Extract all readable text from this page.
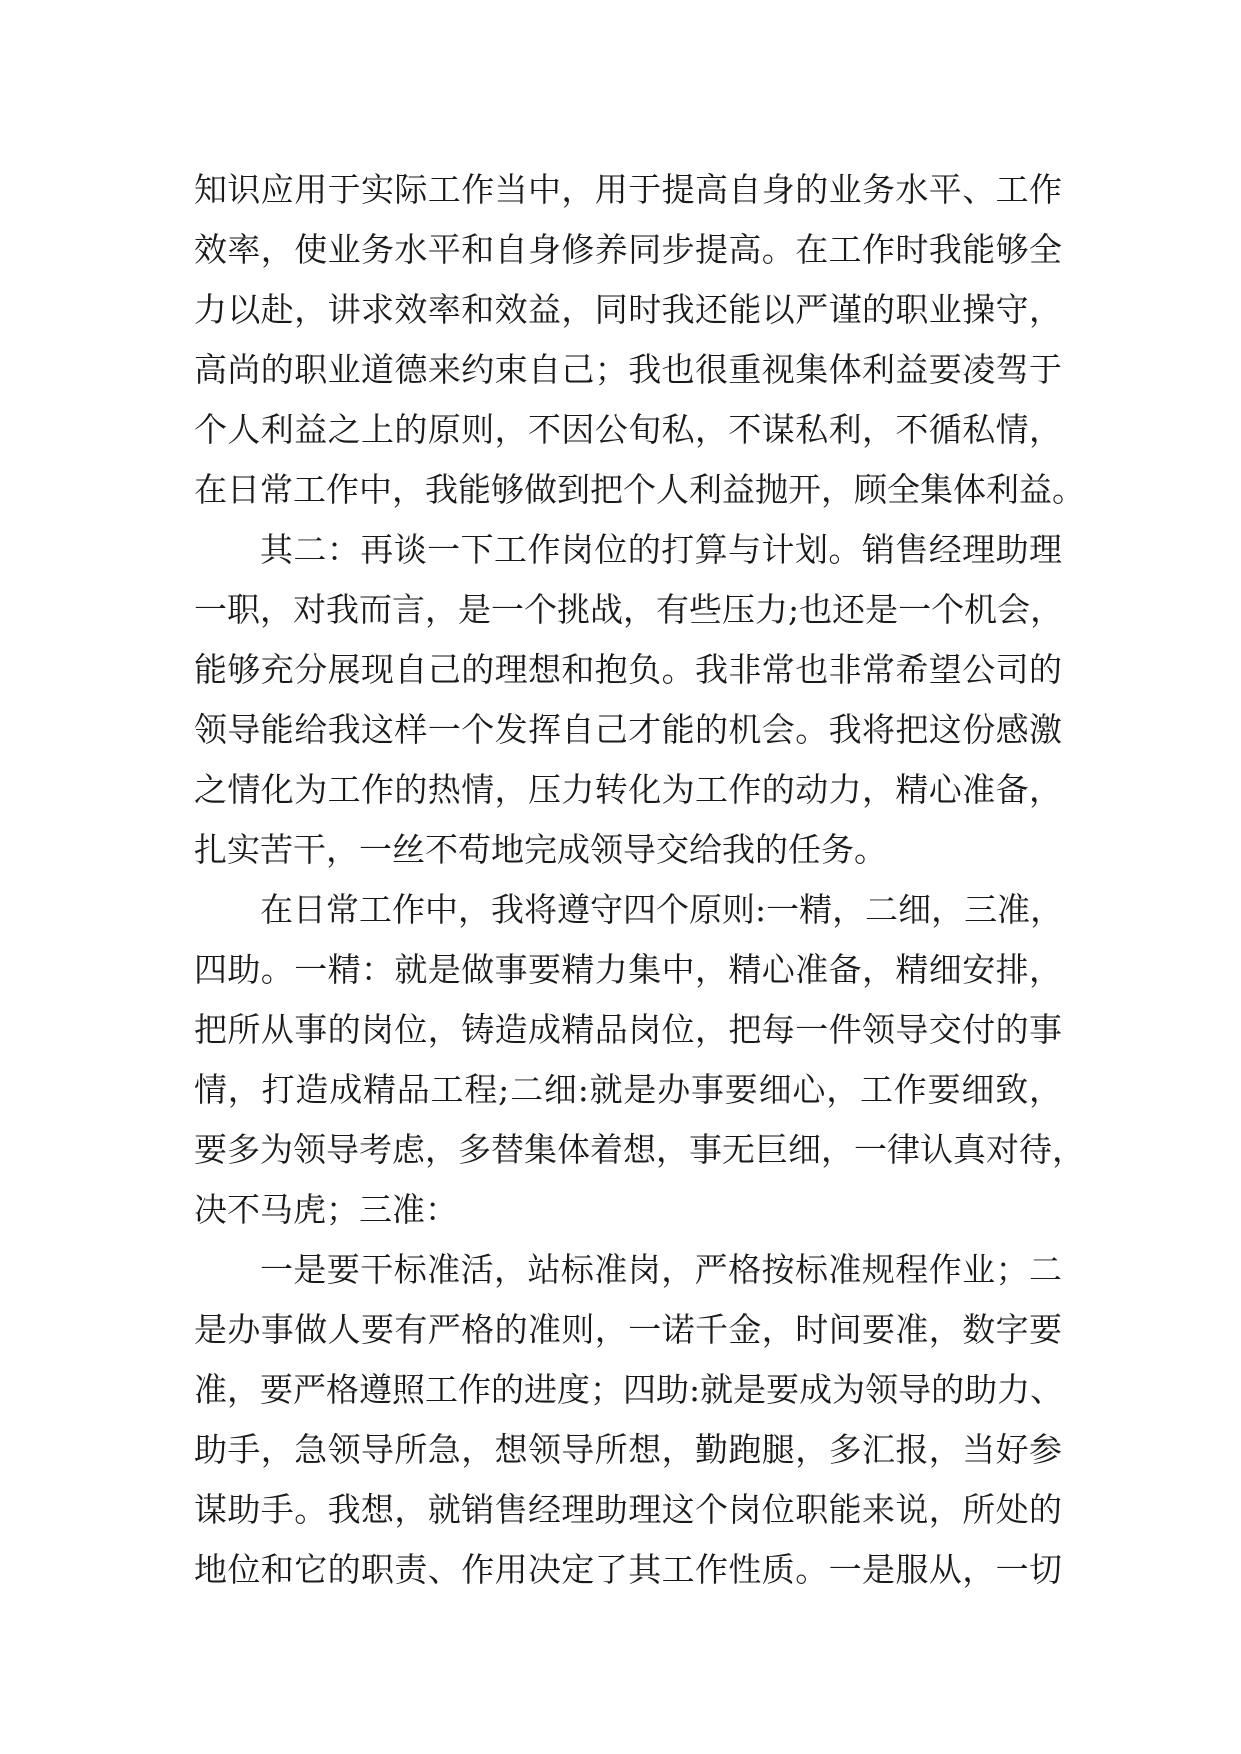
知识应用于实际工作当中，用于提高自身的业务水平、工作
效率，使业务水平和自身修养同步提高。在工作时我能够全
力以赴，讲求效率和效益，同时我还能以严谨的职业操守，
高尚的职业道德来约束自己；我也很重视集体利益要凌驾于
个人利益之上的原则，不因公旬私，不谋私利，不循私情，
在日常工作中，我能够做到把个人利益抛开，顾全集体利益。
其二：再谈一下工作岗位的打算与计划。销售经理助理
一职，对我而言，是一个挑战，有些压力;也还是一个机会，
能够充分展现自己的理想和抱负。我非常也非常希望公司的
领导能给我这样一个发挥自己才能的机会。我将把这份感激
之情化为工作的热情，压力转化为工作的动力，精心准备，
扎实苦干，一丝不苟地完成领导交给我的任务。
在日常工作中，我将遵守四个原则:一精，二细，三准，
四助。一精：就是做事要精力集中，精心准备，精细安排，
把所从事的岗位，铸造成精品岗位，把每一件领导交付的事
情，打造成精品工程;二细:就是办事要细心，工作要细致，
要多为领导考虑，多替集体着想，事无巨细，一律认真对待，
决不马虎；三准：
一是要干标准活，站标准岗，严格按标准规程作业；二
是办事做人要有严格的准则，一诺千金，时间要准，数字要
准，要严格遵照工作的进度；四助:就是要成为领导的助力、
助手，急领导所急，想领导所想，勤跑腿，多汇报，当好参
谋助手。我想，就销售经理助理这个岗位职能来说，所处的
地位和它的职责、作用决定了其工作性质。一是服从，一切
